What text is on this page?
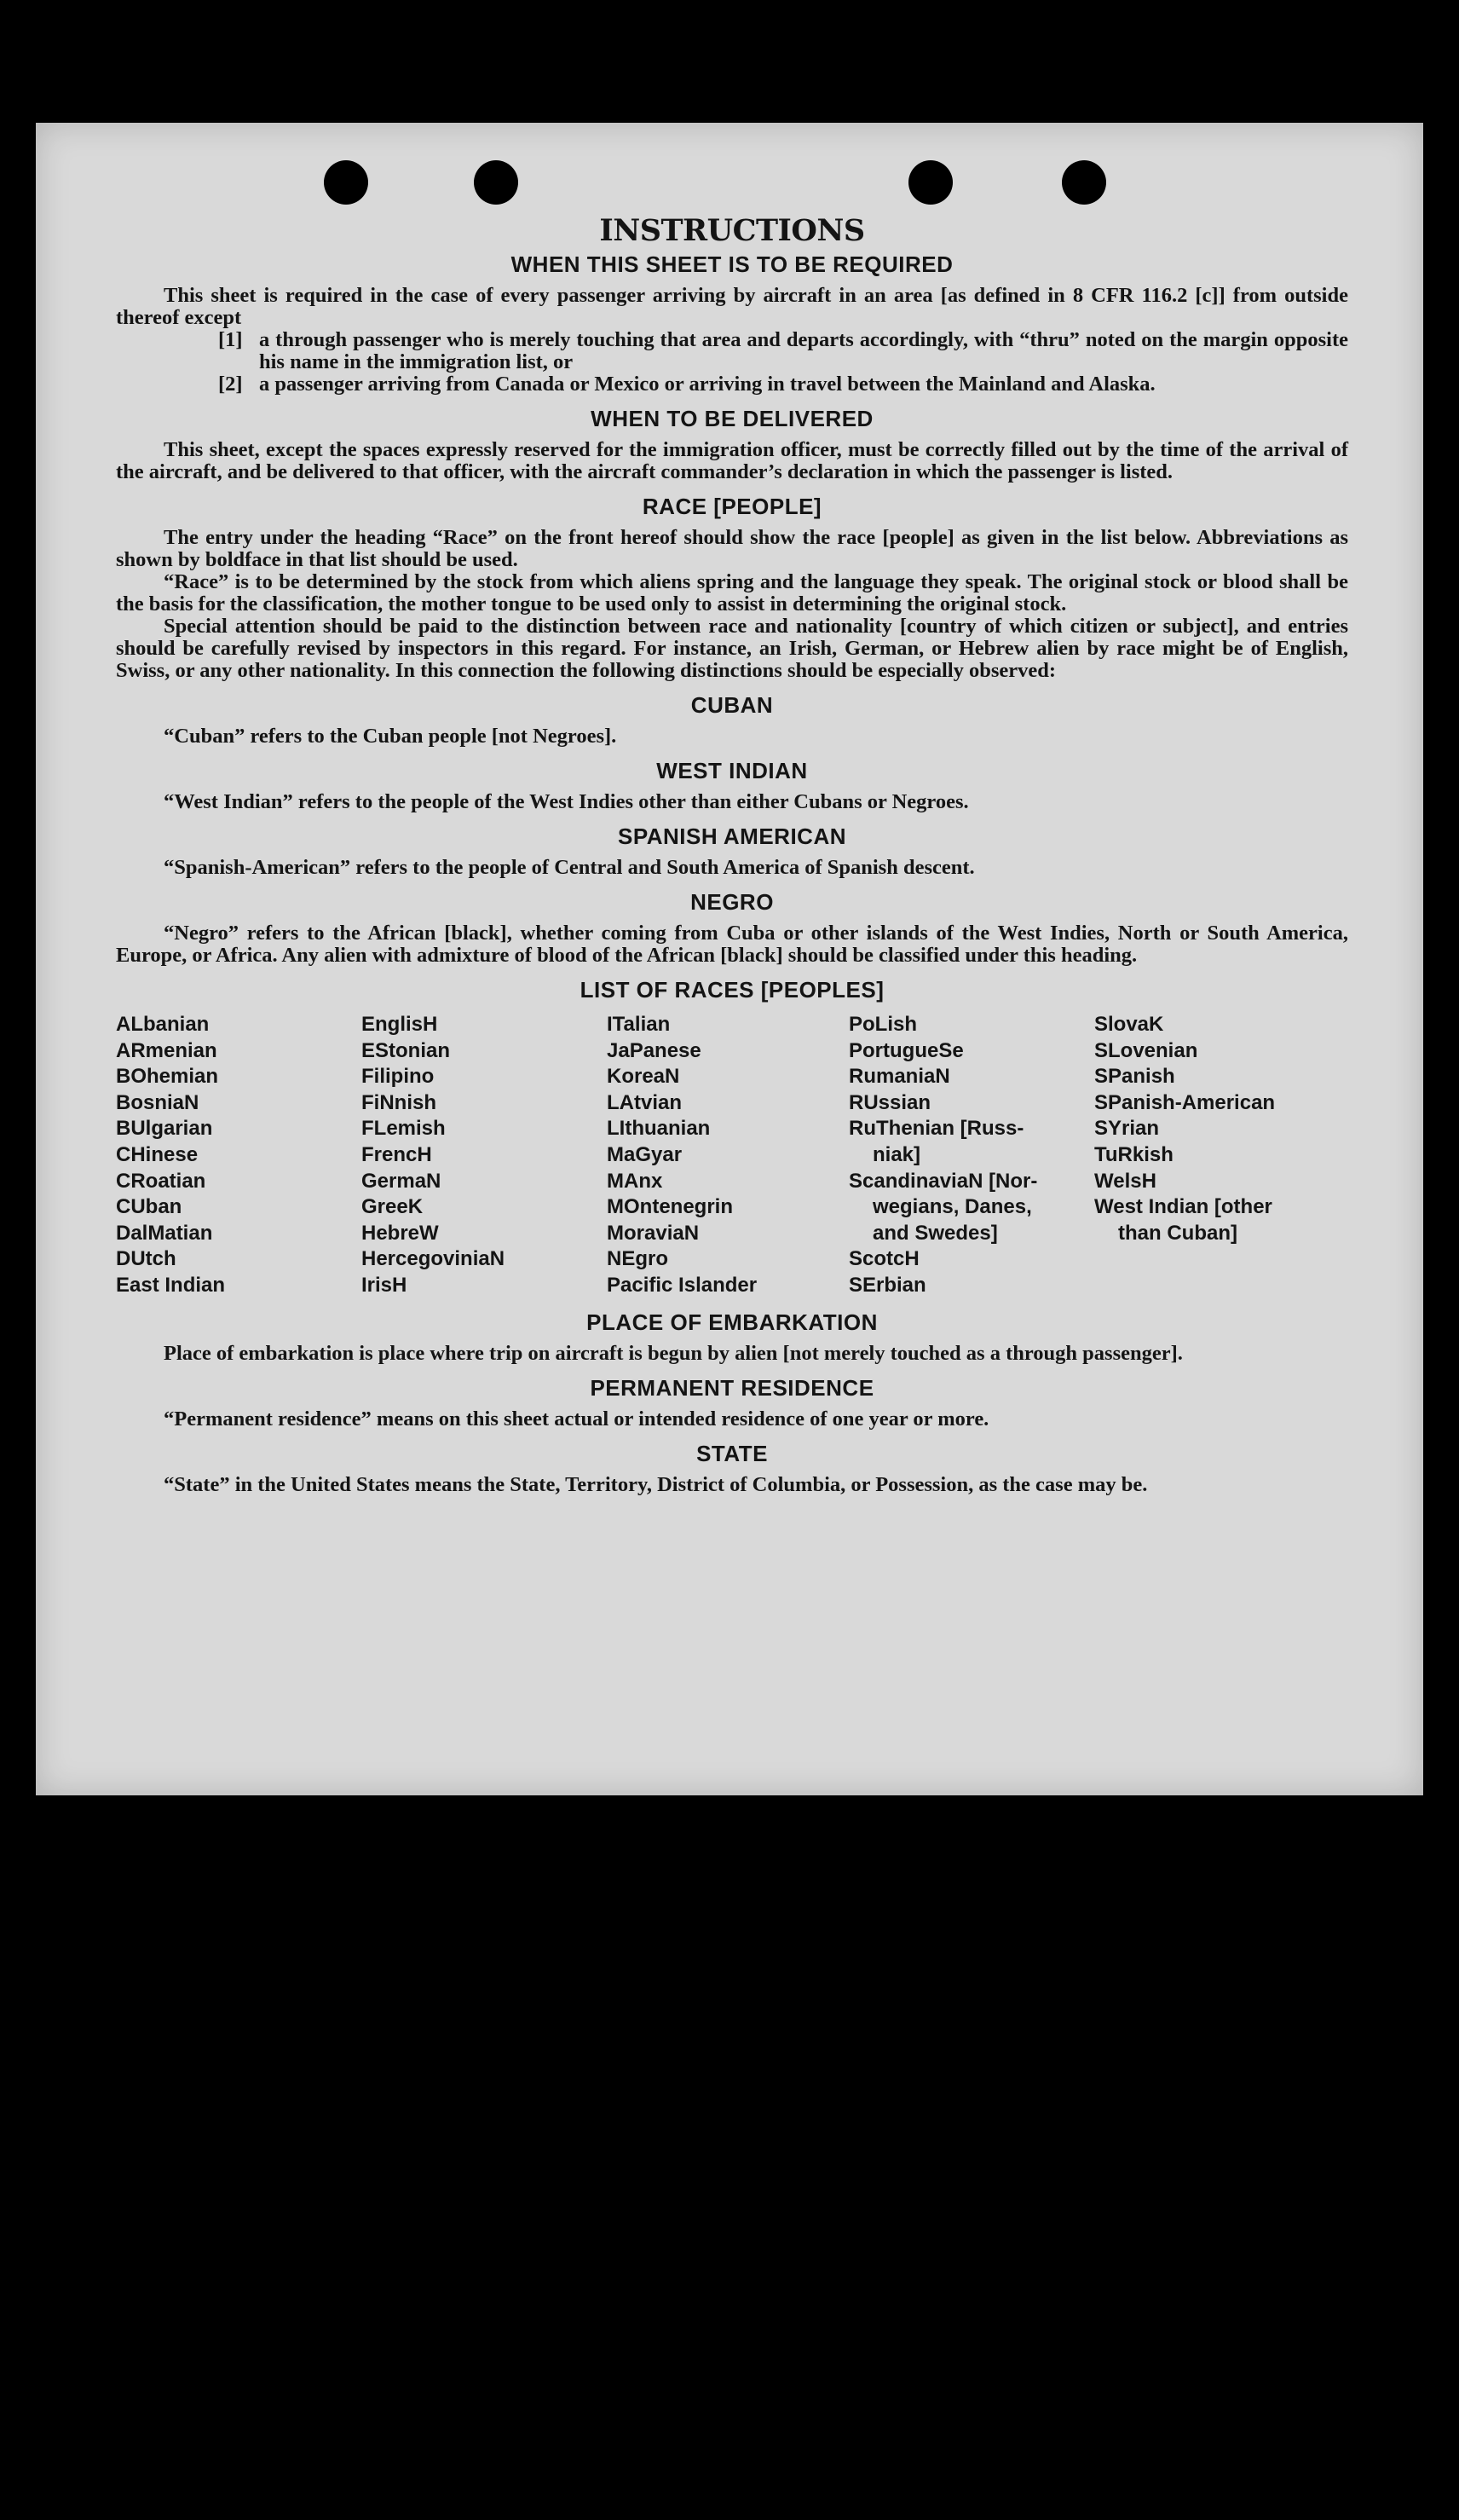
INSTRUCTIONS
WHEN THIS SHEET IS TO BE REQUIRED

This sheet is required in the case of every passenger arriving by aircraft in an area [as defined in 8 CFR 116.2 [c]] from outside thereof except

[1] a through passenger who is merely touching that area and departs accordingly, with “thru” noted on the margin opposite his name in the immigration list, or
[2] a passenger arriving from Canada or Mexico or arriving in travel between the Mainland and Alaska.
WHEN TO BE DELIVERED

This sheet, except the spaces expressly reserved for the immigration officer, must be correctly filled out by the time of the arrival of the aircraft, and be delivered to that officer, with the aircraft commander’s declaration in which the passenger is listed.

RACE [PEOPLE]

The entry under the heading “Race” on the front hereof should show the race [people] as given in the list below. Abbreviations as shown by boldface in that list should be used.

“Race” is to be determined by the stock from which aliens spring and the language they speak. The original stock or blood shall be the basis for the classification, the mother tongue to be used only to assist in determining the original stock.

Special attention should be paid to the distinction between race and nationality [country of which citizen or subject], and entries should be carefully revised by inspectors in this regard. For instance, an Irish, German, or Hebrew alien by race might be of English, Swiss, or any other nationality. In this connection the following distinctions should be especially observed:

CUBAN

“Cuban” refers to the Cuban people [not Negroes].

WEST INDIAN

“West Indian” refers to the people of the West Indies other than either Cubans or Negroes.

SPANISH AMERICAN

“Spanish-American” refers to the people of Central and South America of Spanish descent.

NEGRO

“Negro” refers to the African [black], whether coming from Cuba or other islands of the West Indies, North or South America, Europe, or Africa. Any alien with admixture of blood of the African [black] should be classified under this heading.

LIST OF RACES [PEOPLES]
ALbanian
ARmenian
BOhemian
BosniaN
BUlgarian
CHinese
CRoatian
CUban
DalMatian
DUtch
East Indian
EnglisH
EStonian
Filipino
FiNnish
FLemish
FrencH
GermaN
GreeK
HebreW
HercegoviniaN
IrisH
ITalian
JaPanese
KoreaN
LAtvian
LIthuanian
MaGyar
MAnx
MOntenegrin
MoraviaN
NEgro
Pacific Islander
PoLish
PortugueSe
RumaniaN
RUssian
RuThenian [Russ-
niak]
ScandinaviaN [Nor-
wegians, Danes,
and Swedes]
ScotcH
SErbian
SlovaK
SLovenian
SPanish
SPanish-American
SYrian
TuRkish
WelsH
West Indian [other
than Cuban]
PLACE OF EMBARKATION

Place of embarkation is place where trip on aircraft is begun by alien [not merely touched as a through passenger].

PERMANENT RESIDENCE

“Permanent residence” means on this sheet actual or intended residence of one year or more.

STATE

“State” in the United States means the State, Territory, District of Columbia, or Possession, as the case may be.
